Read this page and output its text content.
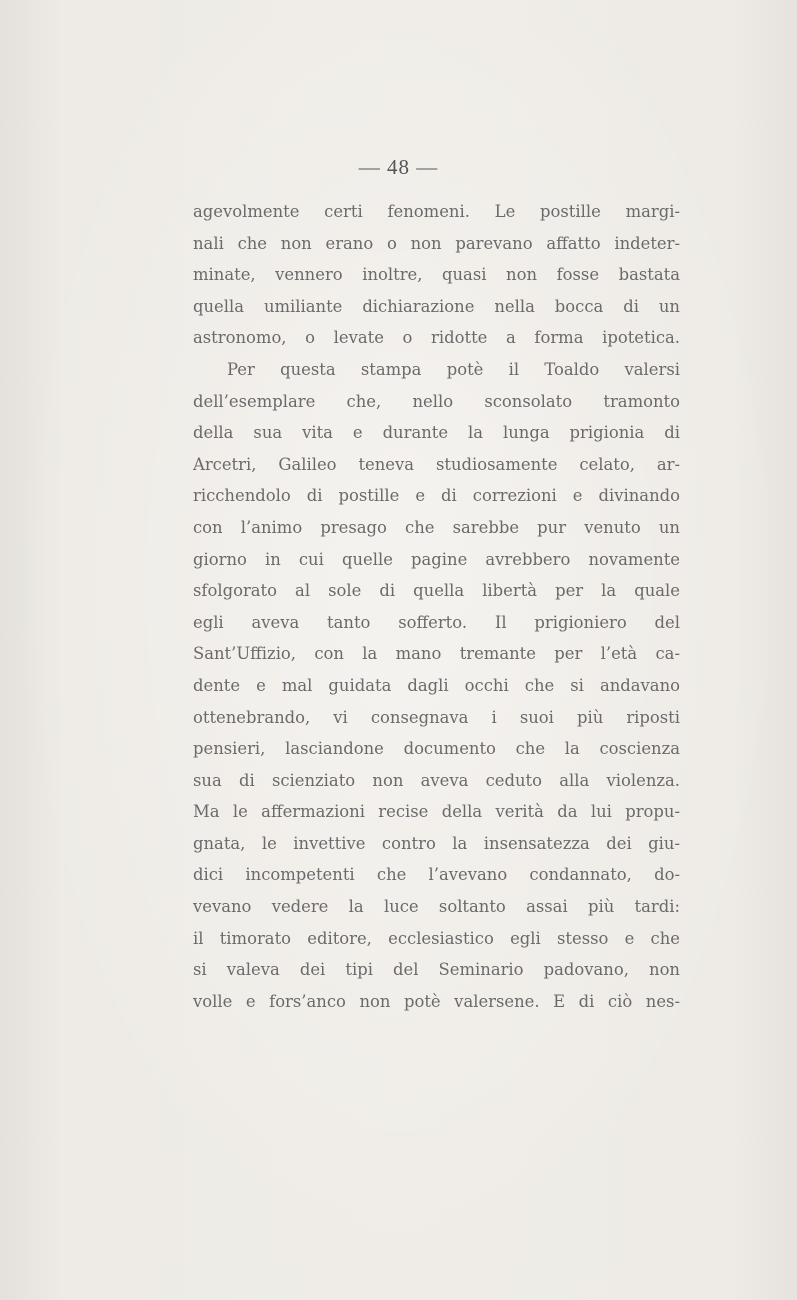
— 48 —

agevolmente certi fenomeni. Le postille margi-
nali che non erano o non parevano affatto indeter-
minate, vennero inoltre, quasi non fosse bastata
quella umiliante dichiarazione nella bocca di un
astronomo, o levate o ridotte a forma ipotetica.
Per questa stampa potè il Toaldo valersi
dell’esemplare che, nello sconsolato tramonto
della sua vita e durante la lunga prigionia di
Arcetri, Galileo teneva studiosamente celato, ar-
ricchendolo di postille e di correzioni e divinando
con l’animo presago che sarebbe pur venuto un
giorno in cui quelle pagine avrebbero novamente
sfolgorato al sole di quella libertà per la quale
egli aveva tanto sofferto. Il prigioniero del
Sant’Uffizio, con la mano tremante per l’età ca-
dente e mal guidata dagli occhi che si andavano
ottenebrando, vi consegnava i suoi più riposti
pensieri, lasciandone documento che la coscienza
sua di scienziato non aveva ceduto alla violenza.
Ma le affermazioni recise della verità da lui propu-
gnata, le invettive contro la insensatezza dei giu-
dici incompetenti che l’avevano condannato, do-
vevano vedere la luce soltanto assai più tardi:
il timorato editore, ecclesiastico egli stesso e che
si valeva dei tipi del Seminario padovano, non
volle e fors’anco non potè valersene. E di ciò nes-
